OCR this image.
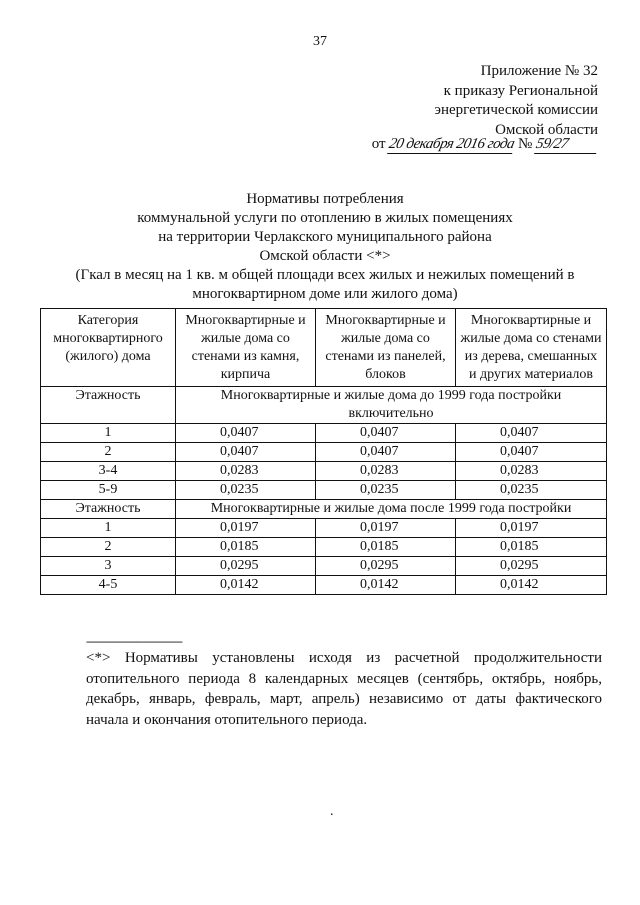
37
Приложение № 32
к приказу Региональной
энергетической комиссии
Омской области
от 20 декабря 2016 года № 59/27
Нормативы потребления
коммунальной услуги по отоплению в жилых помещениях
на территории Черлакского муниципального района
Омской области <*>
(Гкал в месяц на 1 кв. м общей площади всех жилых и нежилых помещений в многоквартирном доме или жилого дома)
Категория многоквартирного (жилого) дома	Многоквартирные и жилые дома со стенами из камня, кирпича	Многоквартирные и жилые дома со стенами из панелей, блоков	Многоквартирные и жилые дома со стенами из дерева, смешанных и других материалов
Этажность	Многоквартирные и жилые дома до 1999 года постройки включительно		
1	0,0407	0,0407	0,0407
2	0,0407	0,0407	0,0407
3-4	0,0283	0,0283	0,0283
5-9	0,0235	0,0235	0,0235
Этажность	Многоквартирные и жилые дома после 1999 года постройки		
1	0,0197	0,0197	0,0197
2	0,0185	0,0185	0,0185
3	0,0295	0,0295	0,0295
4-5	0,0142	0,0142	0,0142
--------------------------------
<*> Нормативы установлены исходя из расчетной продолжительности отопительного периода 8 календарных месяцев (сентябрь, октябрь, ноябрь, декабрь, январь, февраль, март, апрель) независимо от даты фактического начала и окончания отопительного периода.
.
